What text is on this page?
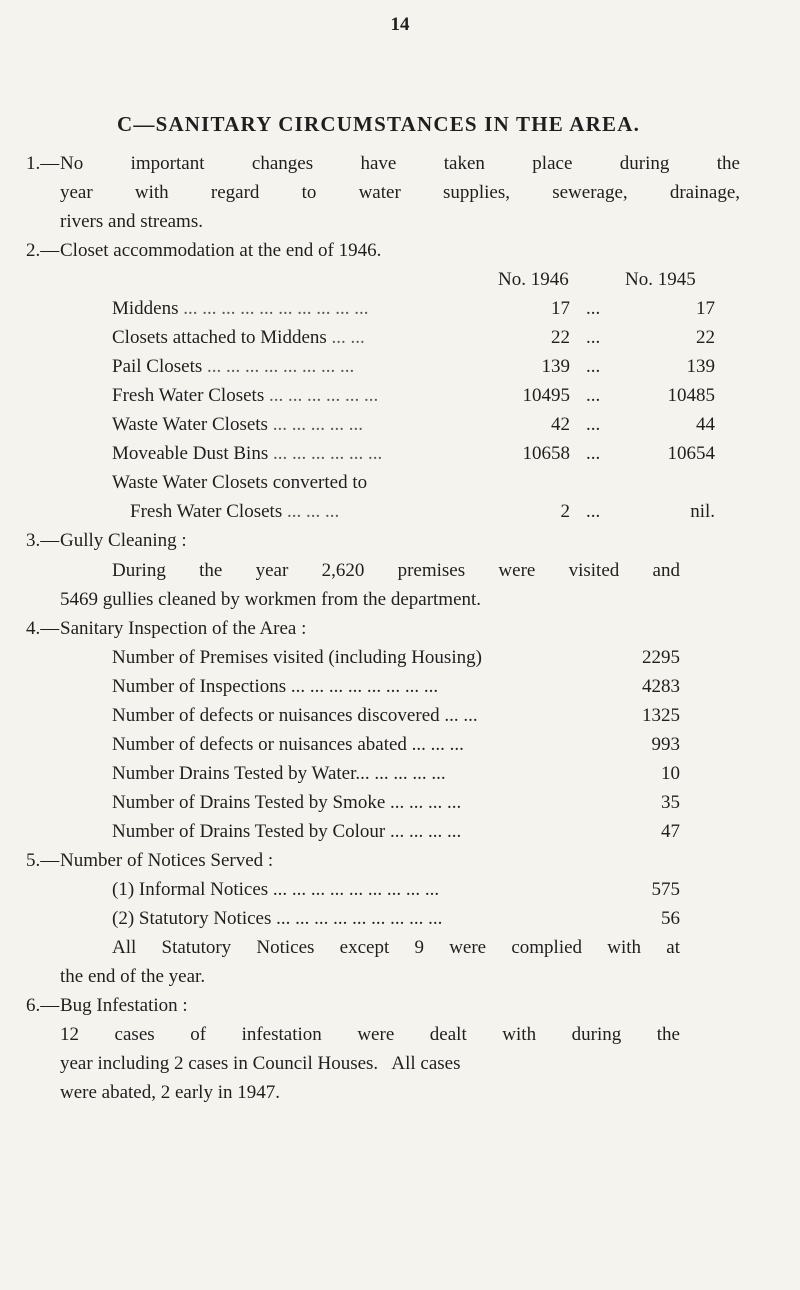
14
C—SANITARY CIRCUMSTANCES IN THE AREA.
1.— No important changes have taken place during the
year with regard to water supplies, sewerage, drainage,
rivers and streams.
2.— Closet accommodation at the end of 1946.
No. 1946	No. 1945
Middens ... ... ... ... ... ... ... ... ... ...	17 ...	17
Closets attached to Middens ... ...	22 ...	22
Pail Closets ... ... ... ... ... ... ... ...	139 ...	139
Fresh Water Closets ... ... ... ... ... ...	10495 ...	10485
Waste Water Closets ... ... ... ... ...	42 ...	44
Moveable Dust Bins ... ... ... ... ... ...	10658 ...	10654
Waste Water Closets converted to
Fresh Water Closets ... ... ...	2 ...	nil.
3.— Gully Cleaning :
During the year 2,620 premises were visited and
5469 gullies cleaned by workmen from the department.
4.— Sanitary Inspection of the Area :
Number of Premises visited (including Housing)	2295
Number of Inspections ... ... ... ... ... ... ... ...	4283
Number of defects or nuisances discovered ... ...	1325
Number of defects or nuisances abated ... ... ...	993
Number Drains Tested by Water... ... ... ... ...	10
Number of Drains Tested by Smoke ... ... ... ...	35
Number of Drains Tested by Colour ... ... ... ...	47
5.— Number of Notices Served :
(1) Informal Notices ... ... ... ... ... ... ... ... ...	575
(2) Statutory Notices ... ... ... ... ... ... ... ... ...	56
All Statutory Notices except 9 were complied with at
the end of the year.
6.— Bug Infestation :
12 cases of infestation were dealt with during the
year including 2 cases in Council Houses.   All cases
were abated, 2 early in 1947.
